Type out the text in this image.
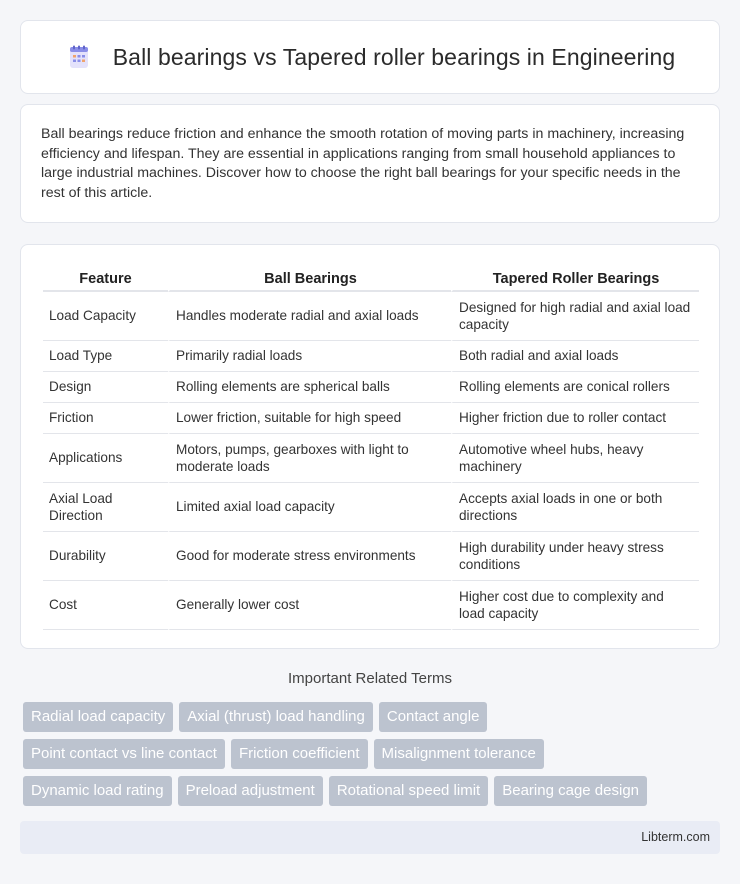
Ball bearings vs Tapered roller bearings in Engineering

Ball bearings reduce friction and enhance the smooth rotation of moving parts in machinery, increasing efficiency and lifespan. They are essential in applications ranging from small household appliances to large industrial machines. Discover how to choose the right ball bearings for your specific needs in the rest of this article.

Feature	Ball Bearings	Tapered Roller Bearings
Load Capacity	Handles moderate radial and axial loads	Designed for high radial and axial load capacity
Load Type	Primarily radial loads	Both radial and axial loads
Design	Rolling elements are spherical balls	Rolling elements are conical rollers
Friction	Lower friction, suitable for high speed	Higher friction due to roller contact
Applications	Motors, pumps, gearboxes with light to moderate loads	Automotive wheel hubs, heavy machinery
Axial Load Direction	Limited axial load capacity	Accepts axial loads in one or both directions
Durability	Good for moderate stress environments	High durability under heavy stress conditions
Cost	Generally lower cost	Higher cost due to complexity and load capacity
Important Related Terms
Radial load capacity	Axial (thrust) load handling	Contact angle
Point contact vs line contact	Friction coefficient	Misalignment tolerance
Dynamic load rating	Preload adjustment	Rotational speed limit	Bearing cage design
Libterm.com
